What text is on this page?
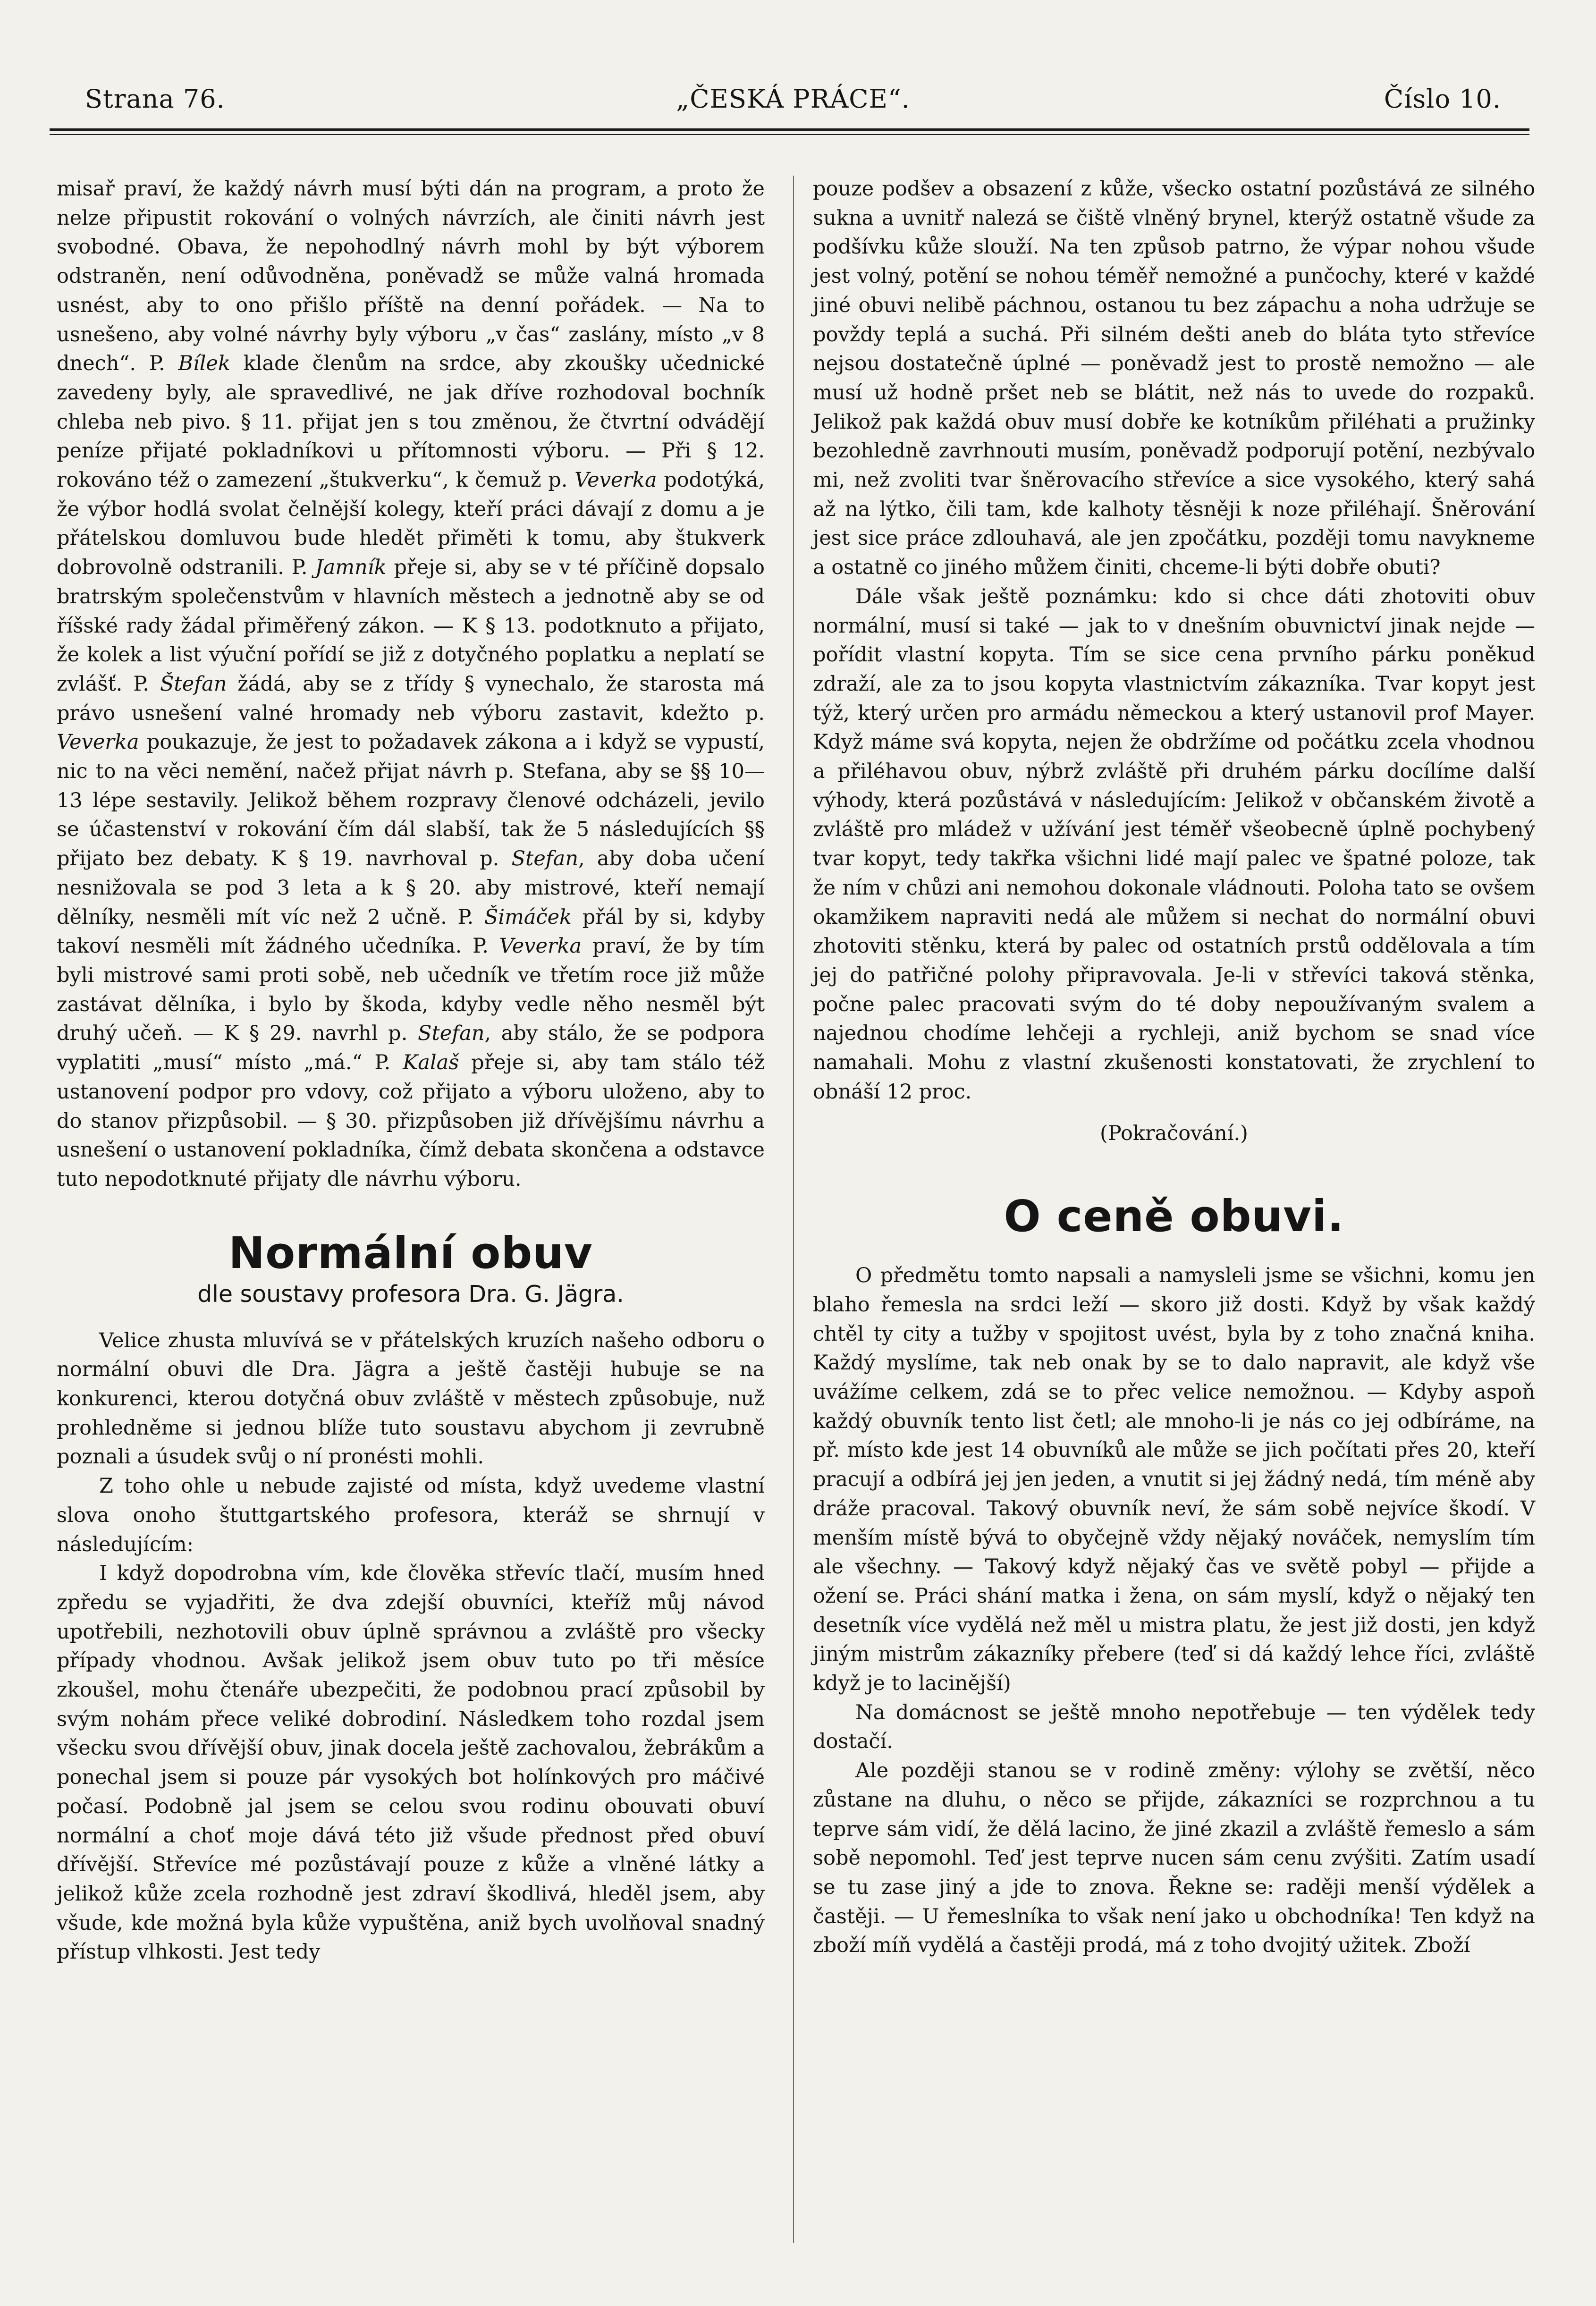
Strana 76.	„ČESKÁ PRÁCE“.	Číslo 10.

misař praví, že každý návrh musí býti dán na program, a proto že nelze připustit rokování o volných návrzích, ale činiti návrh jest svobodné. Obava, že nepohodlný návrh mohl by být výborem odstraněn, není odůvodněna, poněvadž se může valná hromada usnést, aby to ono přišlo příště na denní pořádek. — Na to usnešeno, aby volné návrhy byly výboru „v čas“ zaslány, místo „v 8 dnech“. P. Bílek klade členům na srdce, aby zkoušky učednické zavedeny byly, ale spravedlivé, ne jak dříve rozhodoval bochník chleba neb pivo. § 11. přijat jen s tou změnou, že čtvrtní odvádějí peníze přijaté pokladníkovi u přítomnosti výboru. — Při § 12. rokováno též o zamezení „štukverku“, k čemuž p. Veverka podotýká, že výbor hodlá svolat čelnější kolegy, kteří práci dávají z domu a je přátelskou domluvou bude hledět přiměti k tomu, aby štukverk dobrovolně odstranili. P. Jamník přeje si, aby se v té příčině dopsalo bratrským společenstvům v hlavních městech a jednotně aby se od říšské rady žádal přiměřený zákon. — K § 13. podotknuto a přijato, že kolek a list výuční pořídí se již z dotyčného poplatku a neplatí se zvlášť. P. Štefan žádá, aby se z třídy § vynechalo, že starosta má právo usnešení valné hromady neb výboru zastavit, kdežto p. Veverka poukazuje, že jest to požadavek zákona a i když se vypustí, nic to na věci nemění, načež přijat návrh p. Stefana, aby se §§ 10—13 lépe sestavily. Jelikož během rozpravy členové odcházeli, jevilo se účastenství v rokování čím dál slabší, tak že 5 následujících §§ přijato bez debaty. K § 19. navrhoval p. Stefan, aby doba učení nesnižovala se pod 3 leta a k § 20. aby mistrové, kteří nemají dělníky, nesměli mít víc než 2 učně. P. Šimáček přál by si, kdyby takoví nesměli mít žádného učedníka. P. Veverka praví, že by tím byli mistrové sami proti sobě, neb učedník ve třetím roce již může zastávat dělníka, i bylo by škoda, kdyby vedle něho nesměl být druhý učeň. — K § 29. navrhl p. Stefan, aby stálo, že se podpora vyplatiti „musí“ místo „má.“ P. Kalaš přeje si, aby tam stálo též ustanovení podpor pro vdovy, což přijato a výboru uloženo, aby to do stanov přizpůsobil. — § 30. přizpůsoben již dřívějšímu návrhu a usnešení o ustanovení pokladníka, čímž debata skončena a odstavce tuto nepodotknuté přijaty dle návrhu výboru.

Normální obuv

dle soustavy profesora Dra. G. Jägra.

Velice zhusta mluvívá se v přátelských kruzích našeho odboru o normální obuvi dle Dra. Jägra a ještě častěji hubuje se na konkurenci, kterou dotyčná obuv zvláště v městech způsobuje, nuž prohledněme si jednou blíže tuto soustavu abychom ji zevrubně poznali a úsudek svůj o ní pronésti mohli.

Z toho ohle u nebude zajisté od místa, když uvedeme vlastní slova onoho štuttgartského profesora, kteráž se shrnují v následujícím:

I když dopodrobna vím, kde člověka střevíc tlačí, musím hned zpředu se vyjadřiti, že dva zdejší obuvníci, kteříž můj návod upotřebili, nezhotovili obuv úplně správnou a zvláště pro všecky případy vhodnou. Avšak jelikož jsem obuv tuto po tři měsíce zkoušel, mohu čtenáře ubezpečiti, že podobnou prací způsobil by svým nohám přece veliké dobrodiní. Následkem toho rozdal jsem všecku svou dřívější obuv, jinak docela ještě zachovalou, žebrákům a ponechal jsem si pouze pár vysokých bot holínkových pro máčivé počasí. Podobně jal jsem se celou svou rodinu obouvati obuví normální a choť moje dává této již všude přednost před obuví dřívější. Střevíce mé pozůstávají pouze z kůže a vlněné látky a jelikož kůže zcela rozhodně jest zdraví škodlivá, hleděl jsem, aby všude, kde možná byla kůže vypuštěna, aniž bych uvolňoval snadný přístup vlhkosti. Jest tedy

pouze podšev a obsazení z kůže, všecko ostatní pozůstává ze silného sukna a uvnitř nalezá se čiště vlněný brynel, kterýž ostatně všude za podšívku kůže slouží. Na ten způsob patrno, že výpar nohou všude jest volný, potění se nohou téměř nemožné a punčochy, které v každé jiné obuvi nelibě páchnou, ostanou tu bez zápachu a noha udržuje se povždy teplá a suchá. Při silném dešti aneb do bláta tyto střevíce nejsou dostatečně úplné — poněvadž jest to prostě nemožno — ale musí už hodně pršet neb se blátit, než nás to uvede do rozpaků. Jelikož pak každá obuv musí dobře ke kotníkům přiléhati a pružinky bezohledně zavrhnouti musím, poněvadž podporují potění, nezbývalo mi, než zvoliti tvar šněrovacího střevíce a sice vysokého, který sahá až na lýtko, čili tam, kde kalhoty těsněji k noze přiléhají. Šněrování jest sice práce zdlouhavá, ale jen zpočátku, později tomu navykneme a ostatně co jiného můžem činiti, chceme-li býti dobře obuti?

Dále však ještě poznámku: kdo si chce dáti zhotoviti obuv normální, musí si také — jak to v dnešním obuvnictví jinak nejde — pořídit vlastní kopyta. Tím se sice cena prvního párku poněkud zdraží, ale za to jsou kopyta vlastnictvím zákazníka. Tvar kopyt jest týž, který určen pro armádu německou a který ustanovil prof Mayer. Když máme svá kopyta, nejen že obdržíme od počátku zcela vhodnou a přiléhavou obuv, nýbrž zvláště při druhém párku docílíme další výhody, která pozůstává v následujícím: Jelikož v občanském životě a zvláště pro mládež v užívání jest téměř všeobecně úplně pochybený tvar kopyt, tedy takřka všichni lidé mají palec ve špatné poloze, tak že ním v chůzi ani nemohou dokonale vládnouti. Poloha tato se ovšem okamžikem napraviti nedá ale můžem si nechat do normální obuvi zhotoviti stěnku, která by palec od ostatních prstů oddělovala a tím jej do patřičné polohy připravovala. Je-li v střevíci taková stěnka, počne palec pracovati svým do té doby nepoužívaným svalem a najednou chodíme lehčeji a rychleji, aniž bychom se snad více namahali. Mohu z vlastní zkušenosti konstatovati, že zrychlení to obnáší 12 proc.

(Pokračování.)

O ceně obuvi.

O předmětu tomto napsali a namysleli jsme se všichni, komu jen blaho řemesla na srdci leží — skoro již dosti. Když by však každý chtěl ty city a tužby v spojitost uvést, byla by z toho značná kniha. Každý myslíme, tak neb onak by se to dalo napravit, ale když vše uvážíme celkem, zdá se to přec velice nemožnou. — Kdyby aspoň každý obuvník tento list četl; ale mnoho-li je nás co jej odbíráme, na př. místo kde jest 14 obuvníků ale může se jich počítati přes 20, kteří pracují a odbírá jej jen jeden, a vnutit si jej žádný nedá, tím méně aby dráže pracoval. Takový obuvník neví, že sám sobě nejvíce škodí. V menším místě bývá to obyčejně vždy nějaký nováček, nemyslím tím ale všechny. — Takový když nějaký čas ve světě pobyl — přijde a ožení se. Práci shání matka i žena, on sám myslí, když o nějaký ten desetník více vydělá než měl u mistra platu, že jest již dosti, jen když jiným mistrům zákazníky přebere (teď si dá každý lehce říci, zvláště když je to lacinější)

Na domácnost se ještě mnoho nepotřebuje — ten výdělek tedy dostačí.

Ale později stanou se v rodině změny: výlohy se zvětší, něco zůstane na dluhu, o něco se přijde, zákazníci se rozprchnou a tu teprve sám vidí, že dělá lacino, že jiné zkazil a zvláště řemeslo a sám sobě nepomohl. Teď jest teprve nucen sám cenu zvýšiti. Zatím usadí se tu zase jiný a jde to znova. Řekne se: raději menší výdělek a častěji. — U řemeslníka to však není jako u obchodníka! Ten když na zboží míň vydělá a častěji prodá, má z toho dvojitý užitek. Zboží
